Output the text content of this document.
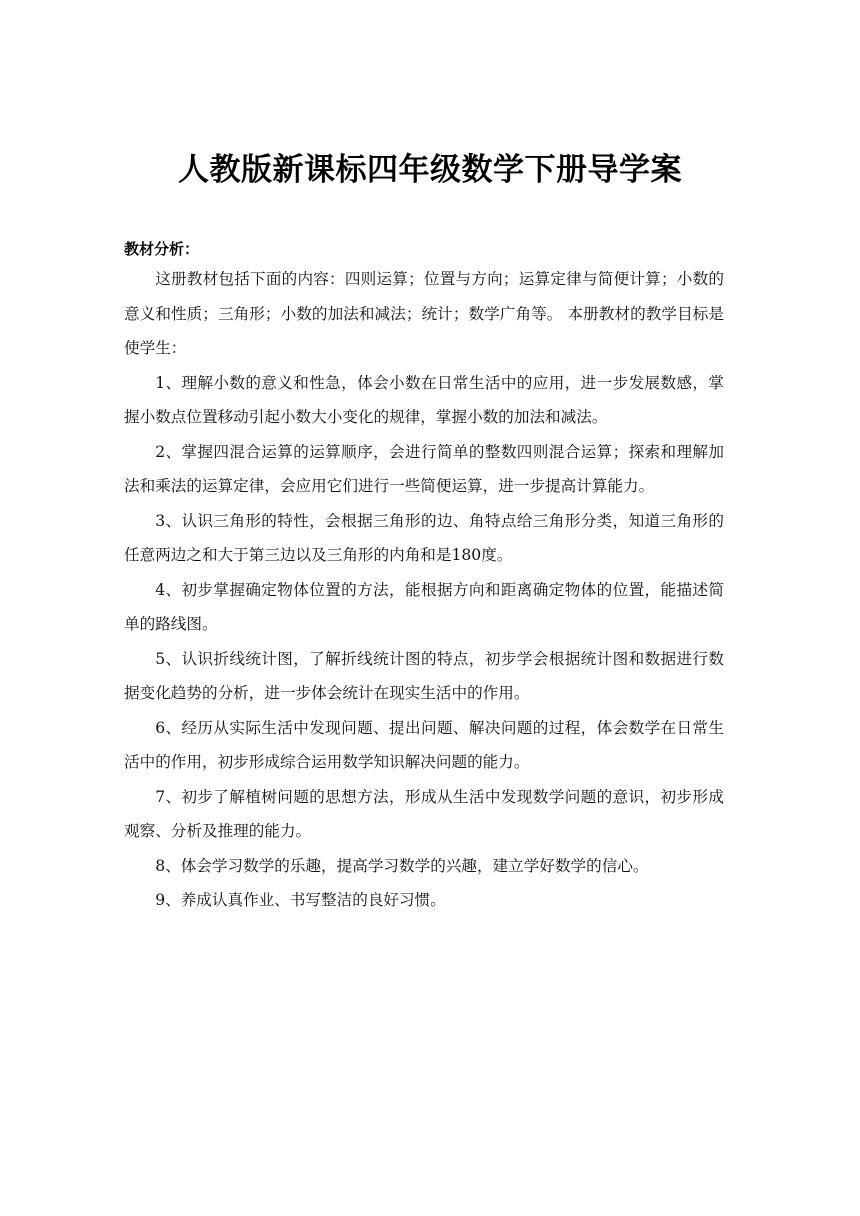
人教版新课标四年级数学下册导学案
教材分析：

这册教材包括下面的内容：四则运算；位置与方向；运算定律与简便计算；小数的意义和性质；三角形；小数的加法和减法；统计；数学广角等。 本册教材的教学目标是使学生：

1、理解小数的意义和性急，体会小数在日常生活中的应用，进一步发展数感，掌握小数点位置移动引起小数大小变化的规律，掌握小数的加法和减法。

2、掌握四混合运算的运算顺序，会进行简单的整数四则混合运算；探索和理解加法和乘法的运算定律，会应用它们进行一些简便运算，进一步提高计算能力。

3、认识三角形的特性，会根据三角形的边、角特点给三角形分类，知道三角形的任意两边之和大于第三边以及三角形的内角和是180度。

4、初步掌握确定物体位置的方法，能根据方向和距离确定物体的位置，能描述简单的路线图。

5、认识折线统计图，了解折线统计图的特点，初步学会根据统计图和数据进行数据变化趋势的分析，进一步体会统计在现实生活中的作用。

6、经历从实际生活中发现问题、提出问题、解决问题的过程，体会数学在日常生活中的作用，初步形成综合运用数学知识解决问题的能力。

7、初步了解植树问题的思想方法，形成从生活中发现数学问题的意识，初步形成观察、分析及推理的能力。

8、体会学习数学的乐趣，提高学习数学的兴趣，建立学好数学的信心。

9、养成认真作业、书写整洁的良好习惯。
